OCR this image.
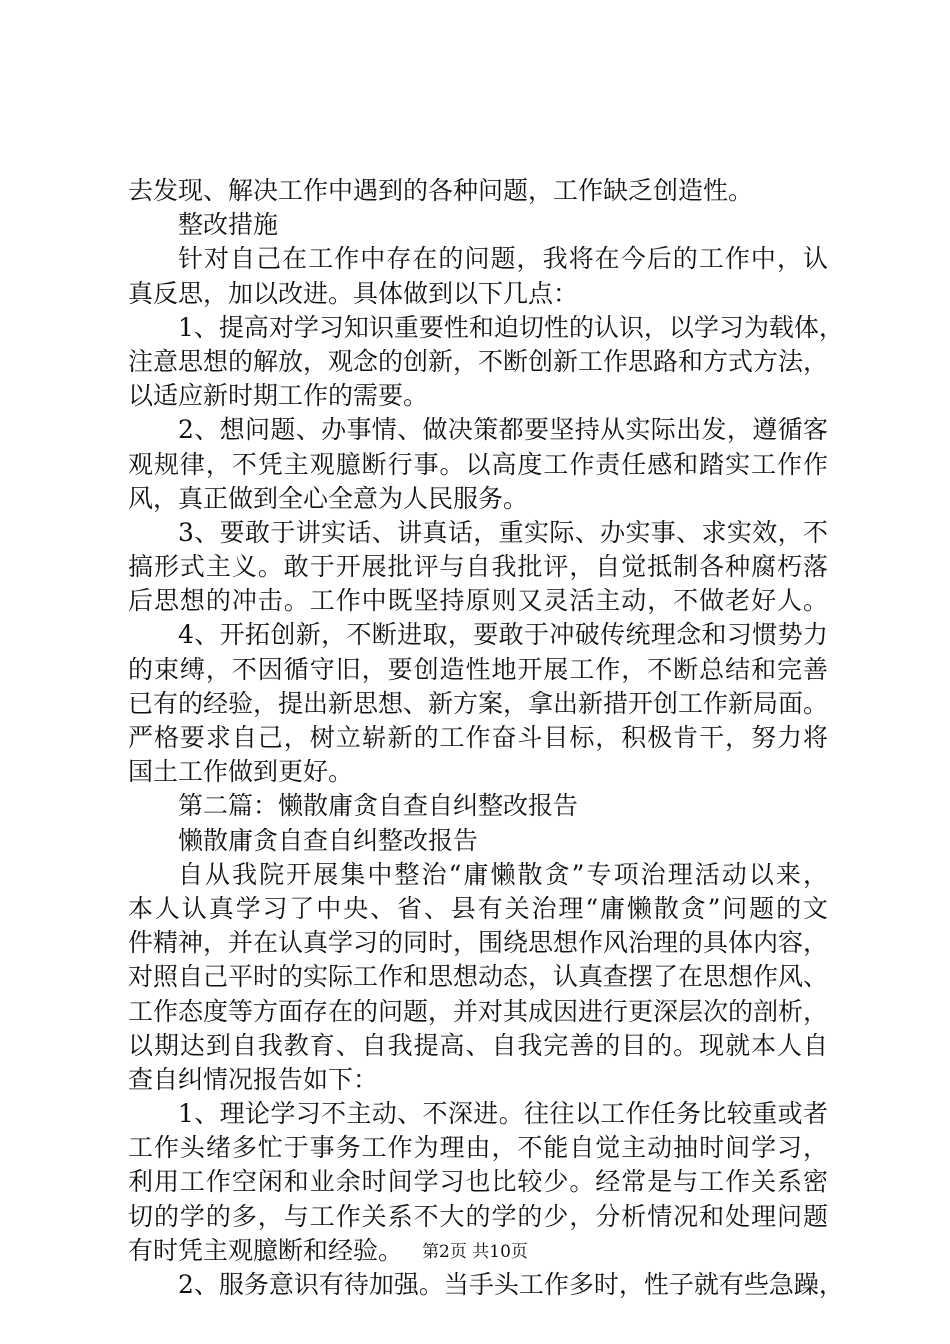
去发现、解决工作中遇到的各种问题，工作缺乏创造性。
整改措施
针对自己在工作中存在的问题，我将在今后的工作中，认
真反思，加以改进。具体做到以下几点：
1、提高对学习知识重要性和迫切性的认识，以学习为载体，
注意思想的解放，观念的创新，不断创新工作思路和方式方法，
以适应新时期工作的需要。
2、想问题、办事情、做决策都要坚持从实际出发，遵循客
观规律，不凭主观臆断行事。以高度工作责任感和踏实工作作
风，真正做到全心全意为人民服务。
3、要敢于讲实话、讲真话，重实际、办实事、求实效，不
搞形式主义。敢于开展批评与自我批评，自觉抵制各种腐朽落
后思想的冲击。工作中既坚持原则又灵活主动，不做老好人。
4、开拓创新，不断进取，要敢于冲破传统理念和习惯势力
的束缚，不因循守旧，要创造性地开展工作，不断总结和完善
已有的经验，提出新思想、新方案，拿出新措开创工作新局面。
严格要求自己，树立崭新的工作奋斗目标，积极肯干，努力将
国土工作做到更好。
第二篇：懒散庸贪自查自纠整改报告
懒散庸贪自查自纠整改报告
自从我院开展集中整治“庸懒散贪”专项治理活动以来，
本人认真学习了中央、省、县有关治理“庸懒散贪”问题的文
件精神，并在认真学习的同时，围绕思想作风治理的具体内容，
对照自己平时的实际工作和思想动态，认真查摆了在思想作风、
工作态度等方面存在的问题，并对其成因进行更深层次的剖析，
以期达到自我教育、自我提高、自我完善的目的。现就本人自
查自纠情况报告如下：
1、理论学习不主动、不深进。往往以工作任务比较重或者
工作头绪多忙于事务工作为理由，不能自觉主动抽时间学习，
利用工作空闲和业余时间学习也比较少。经常是与工作关系密
切的学的多，与工作关系不大的学的少，分析情况和处理问题
有时凭主观臆断和经验。
2、服务意识有待加强。当手头工作多时，性子就有些急躁，
第2页 共10页
